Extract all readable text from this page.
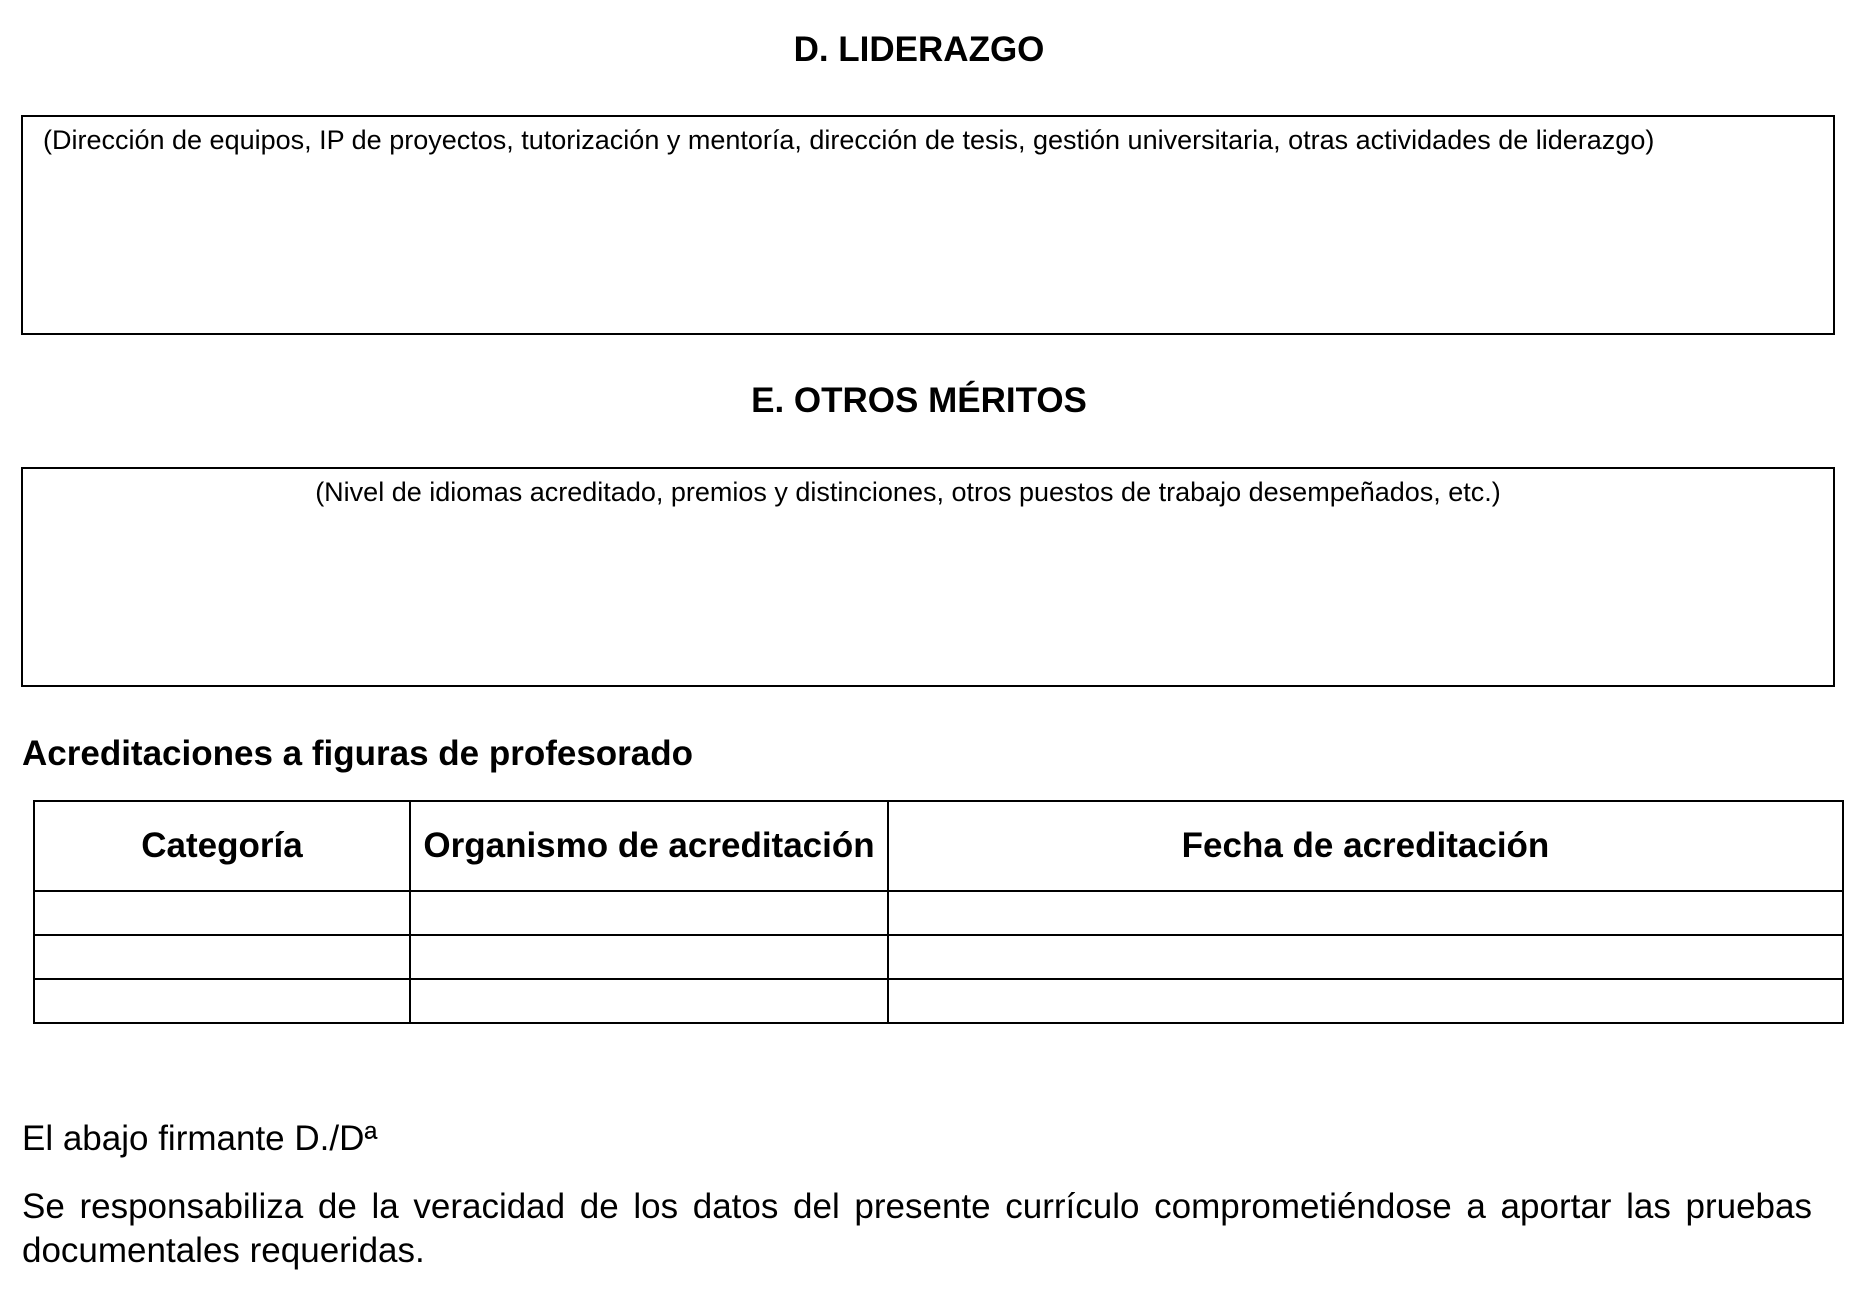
D. LIDERAZGO
(Dirección de equipos, IP de proyectos, tutorización y mentoría, dirección de tesis, gestión universitaria, otras actividades de liderazgo)
E. OTROS MÉRITOS
(Nivel de idiomas acreditado, premios y distinciones, otros puestos de trabajo desempeñados, etc.)
Acreditaciones a figuras de profesorado
Categoría	Organismo de acreditación	Fecha de acreditación

El abajo firmante D./Dª
Se responsabiliza de la veracidad de los datos del presente currículo comprometiéndose a aportar las pruebas documentales requeridas.
